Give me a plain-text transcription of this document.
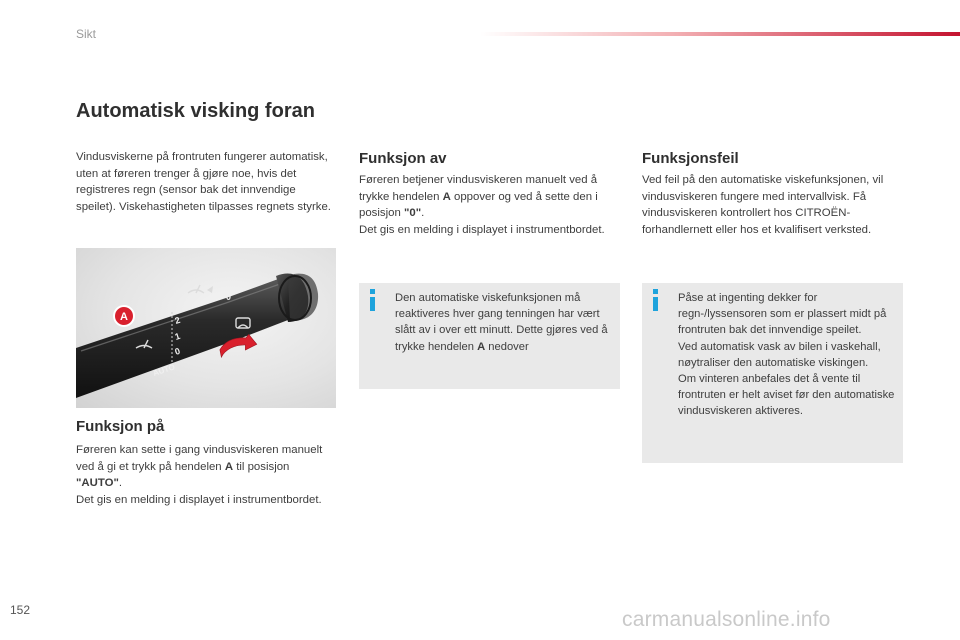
Sikt
Automatisk visking foran

Vindusviskerne på frontruten fungerer automatisk, uten at føreren trenger å gjøre noe, hvis det registreres regn (sensor bak det innvendige speilet). Viskehastigheten tilpasses regnets styrke.

2
1
0
AUTO
0
A
Funksjon på

Føreren kan sette i gang vindusviskeren manuelt ved å gi et trykk på hendelen A til posisjon "AUTO".
Det gis en melding i displayet i instrumentbordet.

Funksjon av

Føreren betjener vindusviskeren manuelt ved å trykke hendelen A oppover og ved å sette den i posisjon "0".
Det gis en melding i displayet i instrumentbordet.

Den automatiske viskefunksjonen må reaktiveres hver gang tenningen har vært slått av i over ett minutt. Dette gjøres ved å trykke hendelen A nedover

Funksjonsfeil

Ved feil på den automatiske viskefunksjonen, vil vindusviskeren fungere med intervallvisk. Få vindusviskeren kontrollert hos CITROËN-forhandlernett eller hos et kvalifisert verksted.

Påse at ingenting dekker for regn-/lyssensoren som er plassert midt på frontruten bak det innvendige speilet.
Ved automatisk vask av bilen i vaskehall, nøytraliser den automatiske viskingen.
Om vinteren anbefales det å vente til frontruten er helt aviset før den automatiske vindusviskeren aktiveres.

152	carmanualsonline.info
